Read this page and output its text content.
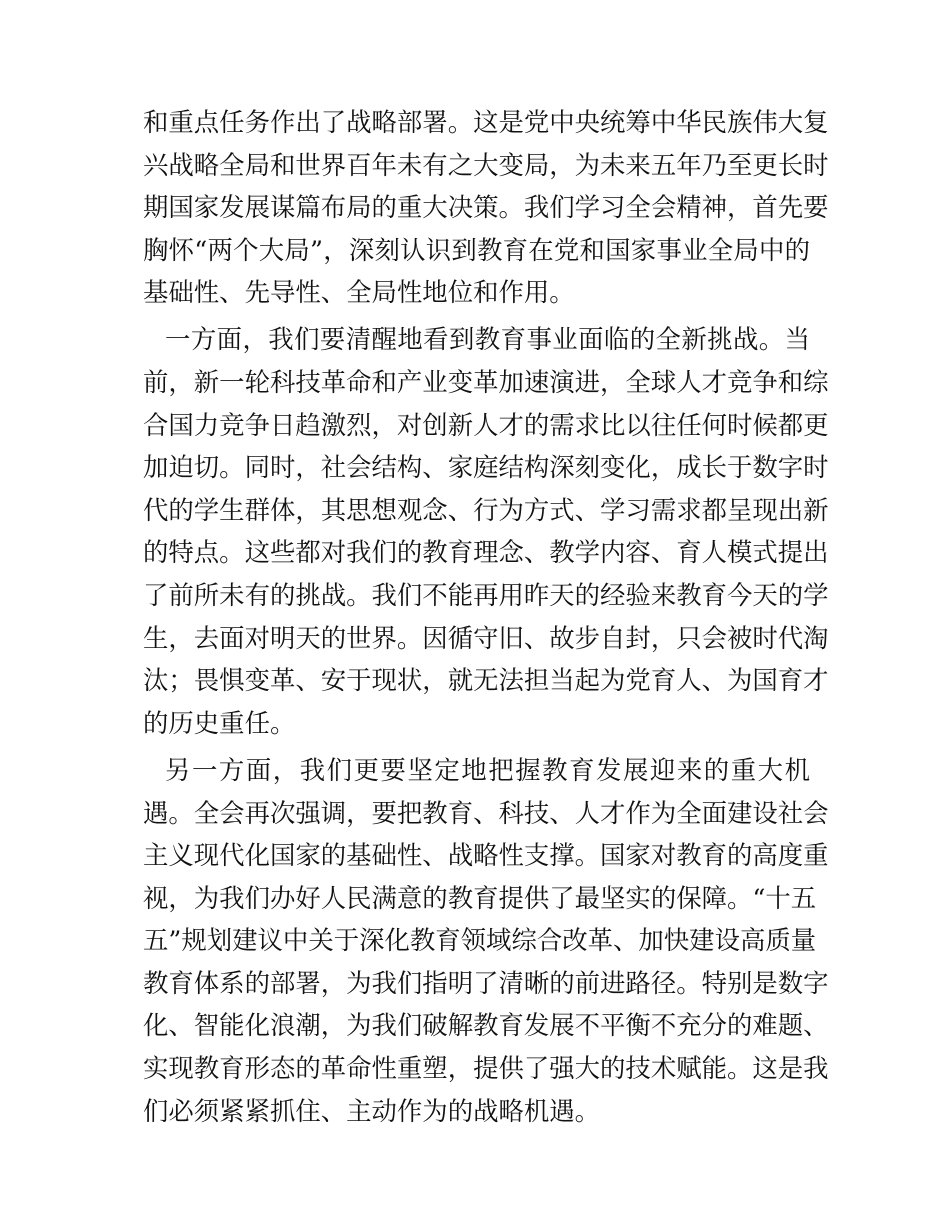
和重点任务作出了战略部署。这是党中央统筹中华民族伟大复
兴战略全局和世界百年未有之大变局，为未来五年乃至更长时
期国家发展谋篇布局的重大决策。我们学习全会精神，首先要
胸怀“两个大局”，深刻认识到教育在党和国家事业全局中的
基础性、先导性、全局性地位和作用。
一方面，我们要清醒地看到教育事业面临的全新挑战。当
前，新一轮科技革命和产业变革加速演进，全球人才竞争和综
合国力竞争日趋激烈，对创新人才的需求比以往任何时候都更
加迫切。同时，社会结构、家庭结构深刻变化，成长于数字时
代的学生群体，其思想观念、行为方式、学习需求都呈现出新
的特点。这些都对我们的教育理念、教学内容、育人模式提出
了前所未有的挑战。我们不能再用昨天的经验来教育今天的学
生，去面对明天的世界。因循守旧、故步自封，只会被时代淘
汰；畏惧变革、安于现状，就无法担当起为党育人、为国育才
的历史重任。
另一方面，我们更要坚定地把握教育发展迎来的重大机
遇。全会再次强调，要把教育、科技、人才作为全面建设社会
主义现代化国家的基础性、战略性支撑。国家对教育的高度重
视，为我们办好人民满意的教育提供了最坚实的保障。“十五
五”规划建议中关于深化教育领域综合改革、加快建设高质量
教育体系的部署，为我们指明了清晰的前进路径。特别是数字
化、智能化浪潮，为我们破解教育发展不平衡不充分的难题、
实现教育形态的革命性重塑，提供了强大的技术赋能。这是我
们必须紧紧抓住、主动作为的战略机遇。
